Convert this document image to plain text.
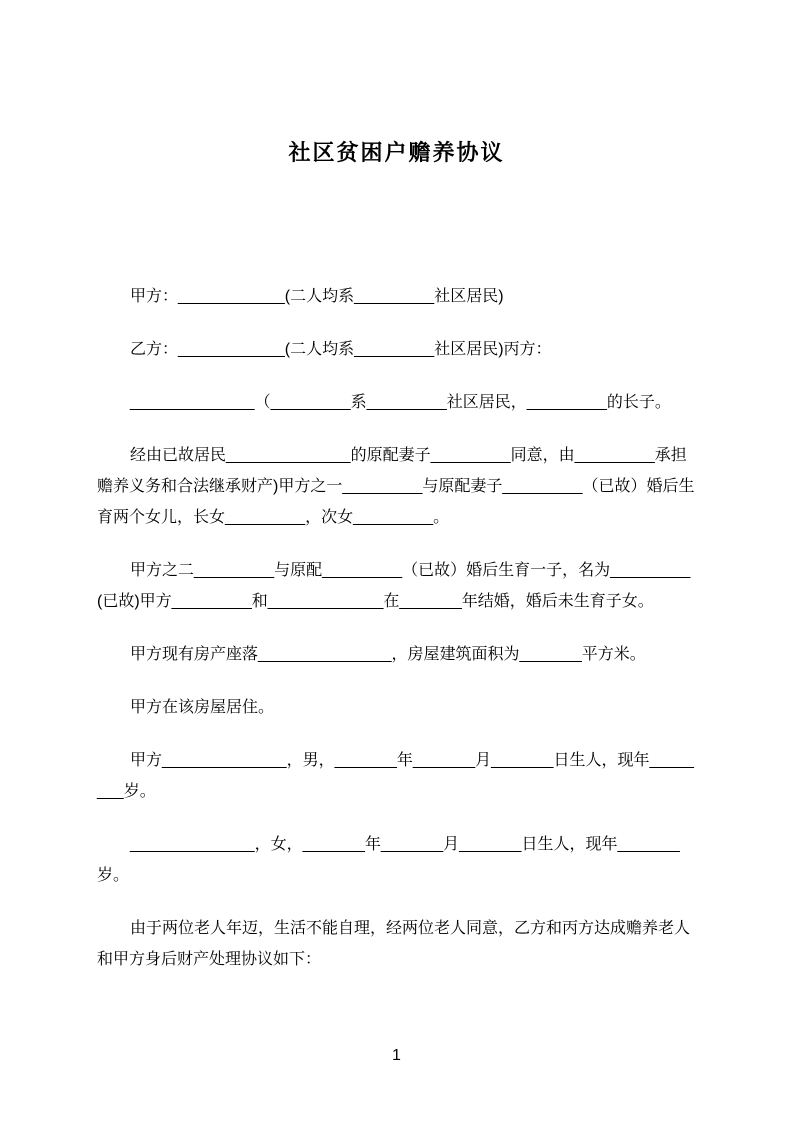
社区贫困户赡养协议

甲方：____________(二人均系_________社区居民)

乙方：____________(二人均系_________社区居民)丙方：

______________（_________系_________社区居民，_________的长子。

经由已故居民______________的原配妻子_________同意，由_________承担
赡养义务和合法继承财产)甲方之一_________与原配妻子_________（已故）婚后生
育两个女儿，长女_________，次女_________。

甲方之二_________与原配_________（已故）婚后生育一子，名为_________
(已故)甲方_________和_____________在_______年结婚，婚后未生育子女。

甲方现有房产座落_______________，房屋建筑面积为_______平方米。

甲方在该房屋居住。

甲方______________，男，_______年_______月_______日生人，现年_____
___岁。

______________，女，_______年_______月_______日生人，现年_______
岁。

由于两位老人年迈，生活不能自理，经两位老人同意，乙方和丙方达成赡养老人
和甲方身后财产处理协议如下：

1
